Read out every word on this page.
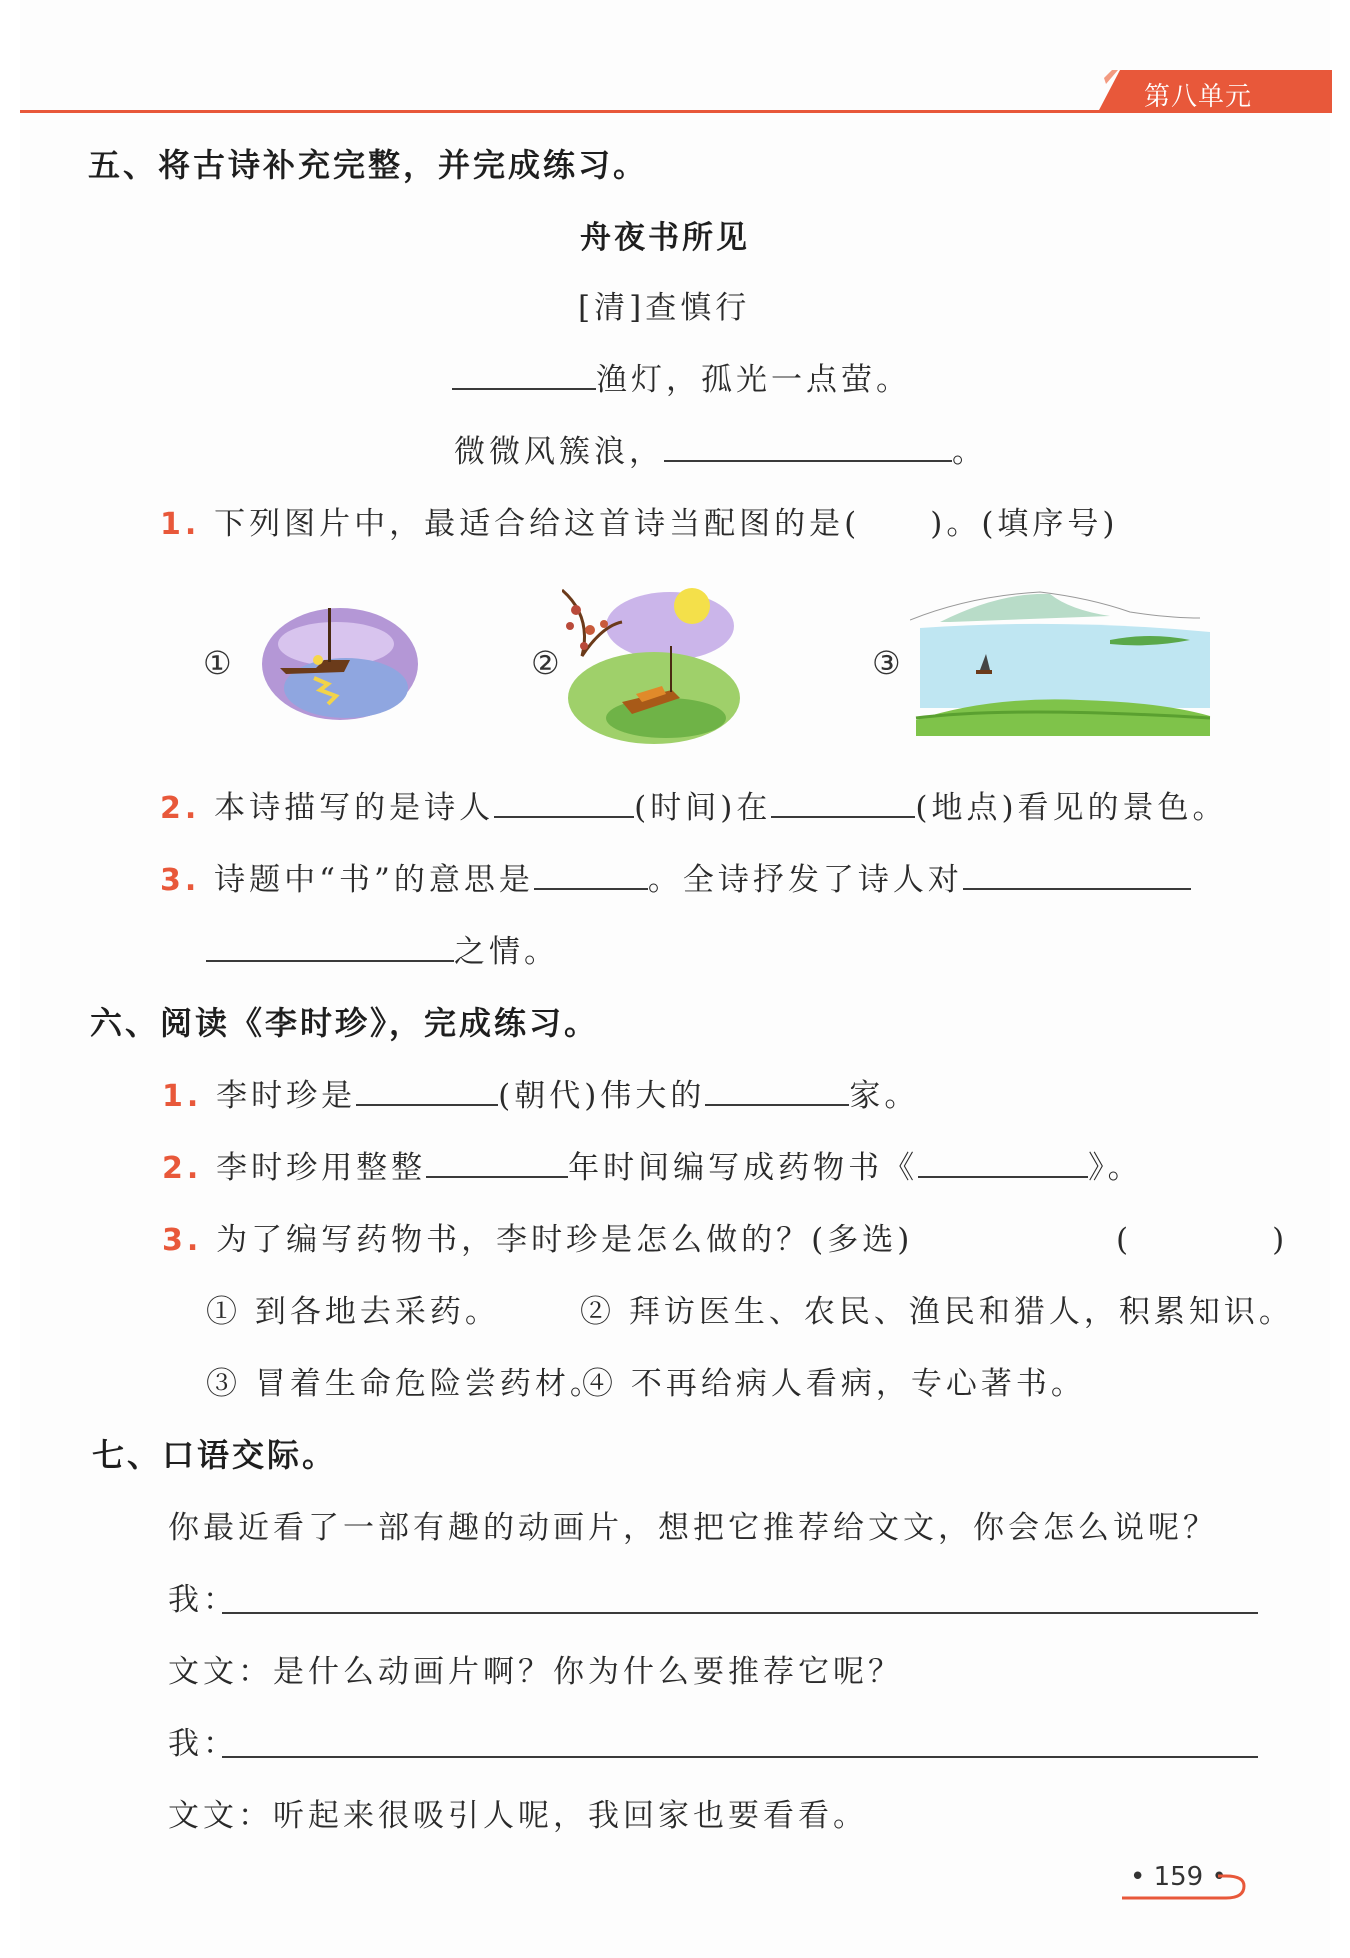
第八单元
五、将古诗补充完整，并完成练习。
舟夜书所见
[清]查慎行
渔灯，孤光一点萤。
微微风簇浪，	。
1. 下列图片中，最适合给这首诗当配图的是(　　)。(填序号)
①	②	③
2. 本诗描写的是诗人	(时间)在	(地点)看见的景色。
3. 诗题中“书”的意思是	。全诗抒发了诗人对
之情。
六、阅读《李时珍》，完成练习。
1. 李时珍是	(朝代)伟大的	家。
2. 李时珍用整整	年时间编写成药物书《	》。
3. 为了编写药物书，李时珍是怎么做的？(多选)	(　　　　)
① 到各地去采药。	② 拜访医生、农民、渔民和猎人，积累知识。
③ 冒着生命危险尝药材。
④ 不再给病人看病，专心著书。
七、口语交际。
你最近看了一部有趣的动画片，想把它推荐给文文，你会怎么说呢？
我：
文文：是什么动画片啊？你为什么要推荐它呢？
我：
文文：听起来很吸引人呢，我回家也要看看。
• 159 •
